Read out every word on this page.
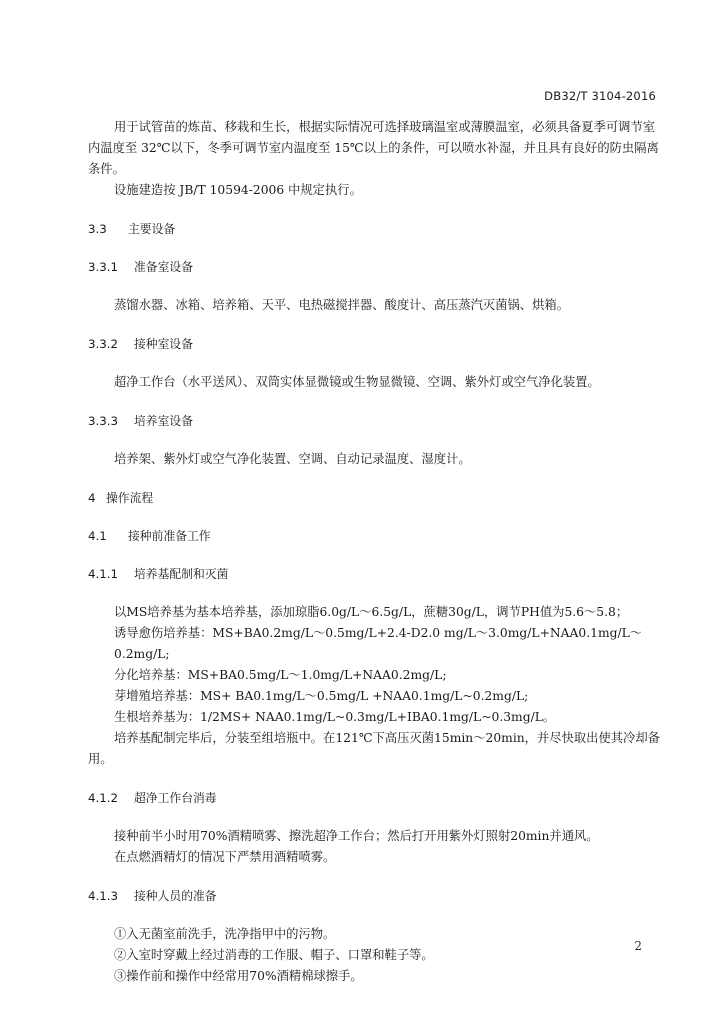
DB32/T 3104-2016

用于试管苗的炼苗、移栽和生长，根据实际情况可选择玻璃温室或薄膜温室，必须具备夏季可调节室内温度至 32℃以下，冬季可调节室内温度至 15℃以上的条件，可以喷水补湿，并且具有良好的防虫隔离条件。

设施建造按 JB/T 10594-2006 中规定执行。

3.3 主要设备

3.3.1 准备室设备

蒸馏水器、冰箱、培养箱、天平、电热磁搅拌器、酸度计、高压蒸汽灭菌锅、烘箱。

3.3.2 接种室设备

超净工作台（水平送风）、双筒实体显微镜或生物显微镜、空调、紫外灯或空气净化装置。

3.3.3 培养室设备

培养架、紫外灯或空气净化装置、空调、自动记录温度、湿度计。

4 操作流程

4.1 接种前准备工作

4.1.1 培养基配制和灭菌

以MS培养基为基本培养基，添加琼脂6.0g/L～6.5g/L，蔗糖30g/L，调节PH值为5.6～5.8；

诱导愈伤培养基：MS+BA0.2mg/L～0.5mg/L+2.4-D2.0 mg/L～3.0mg/L+NAA0.1mg/L～0.2mg/L;

分化培养基：MS+BA0.5mg/L～1.0mg/L+NAA0.2mg/L;

芽增殖培养基：MS+ BA0.1mg/L～0.5mg/L +NAA0.1mg/L~0.2mg/L;

生根培养基为：1/2MS+ NAA0.1mg/L~0.3mg/L+IBA0.1mg/L~0.3mg/L。

培养基配制完毕后，分装至组培瓶中。在121℃下高压灭菌15min～20min，并尽快取出使其冷却备用。

4.1.2 超净工作台消毒

接种前半小时用70%酒精喷雾、擦洗超净工作台；然后打开用紫外灯照射20min并通风。

在点燃酒精灯的情况下严禁用酒精喷雾。

4.1.3 接种人员的准备

①入无菌室前洗手，洗净指甲中的污物。

②入室时穿戴上经过消毒的工作服、帽子、口罩和鞋子等。

③操作前和操作中经常用70%酒精棉球擦手。

2
